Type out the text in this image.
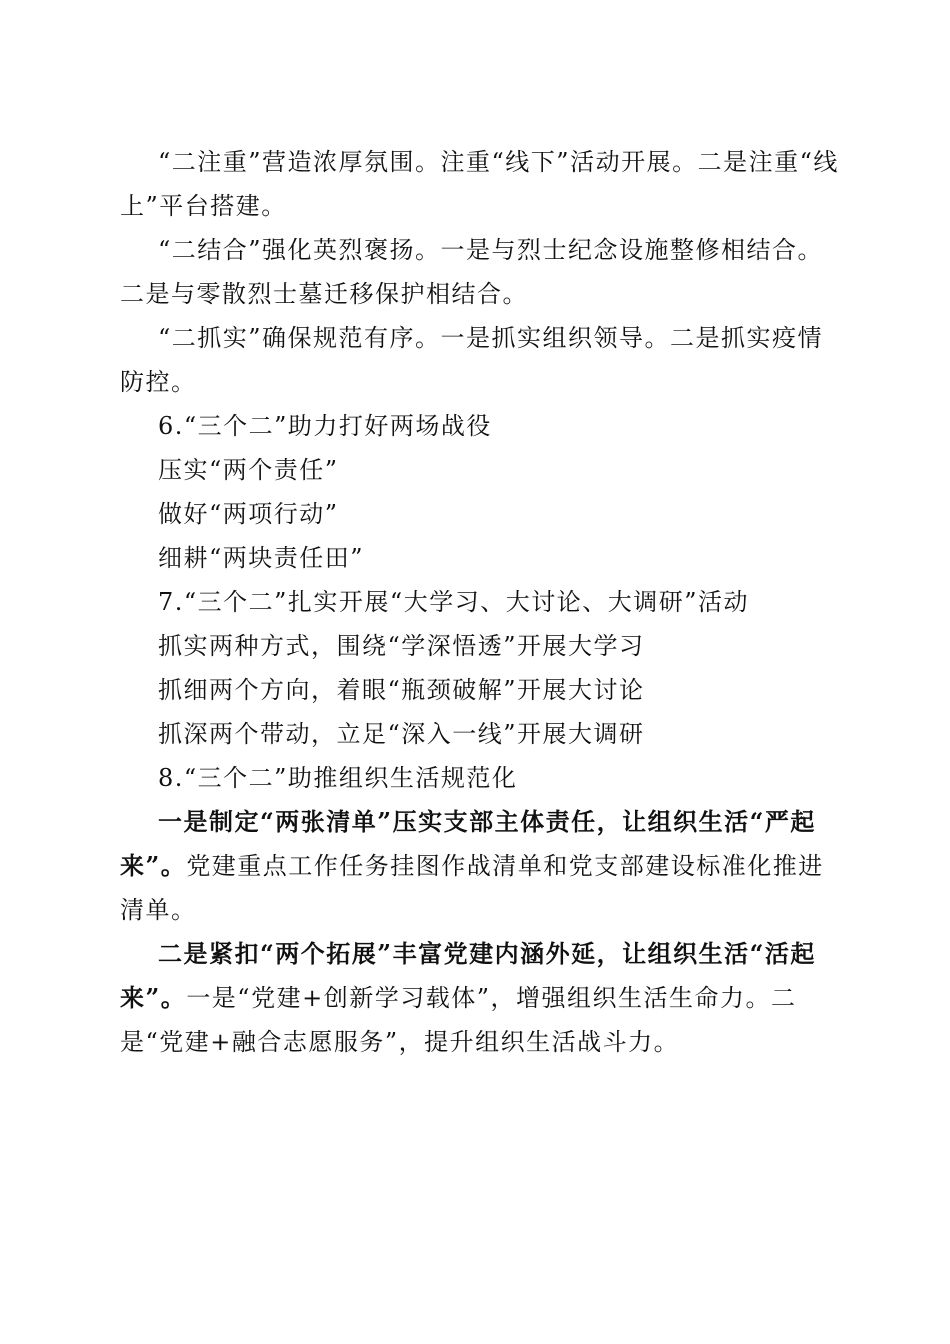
“二注重”营造浓厚氛围。注重“线下”活动开展。二是注重“线上”平台搭建。

“二结合”强化英烈褒扬。一是与烈士纪念设施整修相结合。二是与零散烈士墓迁移保护相结合。

“二抓实”确保规范有序。一是抓实组织领导。二是抓实疫情防控。

6.“三个二”助力打好两场战役

压实“两个责任”

做好“两项行动”

细耕“两块责任田”

7.“三个二”扎实开展“大学习、大讨论、大调研”活动

抓实两种方式，围绕“学深悟透”开展大学习

抓细两个方向，着眼“瓶颈破解”开展大讨论

抓深两个带动，立足“深入一线”开展大调研

8.“三个二”助推组织生活规范化

一是制定“两张清单”压实支部主体责任，让组织生活“严起来”。党建重点工作任务挂图作战清单和党支部建设标准化推进清单。

二是紧扣“两个拓展”丰富党建内涵外延，让组织生活“活起来”。一是“党建+创新学习载体”，增强组织生活生命力。二是“党建+融合志愿服务”，提升组织生活战斗力。
